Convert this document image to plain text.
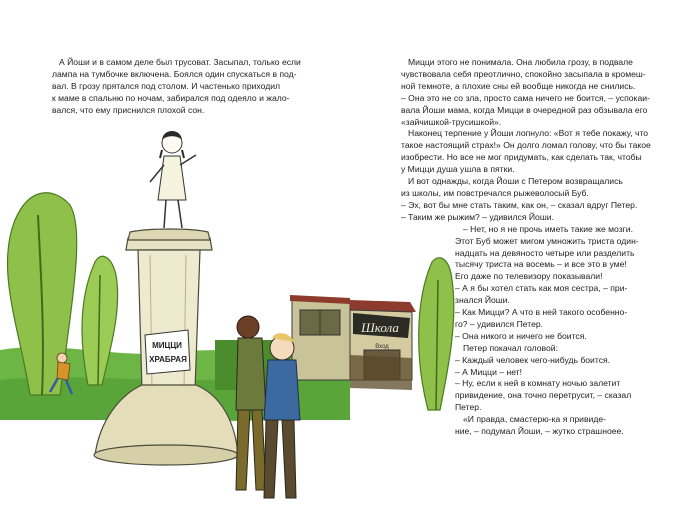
А Йоши и в самом деле был трусоват. Засыпал, только если
лампа на тумбочке включена. Боялся один спускаться в под-
вал. В грозу прятался под столом. И частенько приходил
к маме в спальню по ночам, забирался под одеяло и жало-
вался, что ему приснился плохой сон.
МИЦЦИ
ХРАБРАЯ
Школа
Вход
Мицци этого не понимала. Она любила грозу, в подвале
чувствовала себя преотлично, спокойно засыпала в кромеш-
ной темноте, а плохие сны ей вообще никогда не снились.
– Она это не со зла, просто сама ничего не боится, – успокаи-
вала Йоши мама, когда Мицци в очередной раз обзывала его
«зайчишкой-трусишкой».
Наконец терпение у Йоши лопнуло: «Вот я тебе покажу, что
такое настоящий страх!» Он долго ломал голову, что бы такое
изобрести. Но все не мог придумать, как сделать так, чтобы
у Мицци душа ушла в пятки.
И вот однажды, когда Йоши с Петером возвращались
из школы, им повстречался рыжеволосый Буб.
– Эх, вот бы мне стать таким, как он, – сказал вдруг Петер.
– Таким же рыжим? – удивился Йоши.
– Нет, но я не прочь иметь такие же мозги.
Этот Буб может мигом умножить триста один-
надцать на девяносто четыре или разделить
тысячу триста на восемь – и все это в уме!
Его даже по телевизору показывали!
– А я бы хотел стать как моя сестра, – при-
знался Йоши.
– Как Мицци? А что в ней такого особенно-
го? – удивился Петер.
– Она никого и ничего не боится.
Петер покачал головой:
– Каждый человек чего-нибудь боится.
– А Мицци – нет!
– Ну, если к ней в комнату ночью залетит
привидение, она точно перетрусит, – сказал
Петер.
«И правда, смастерю-ка я привиде-
ние, – подумал Йоши, – жутко страшноее.
